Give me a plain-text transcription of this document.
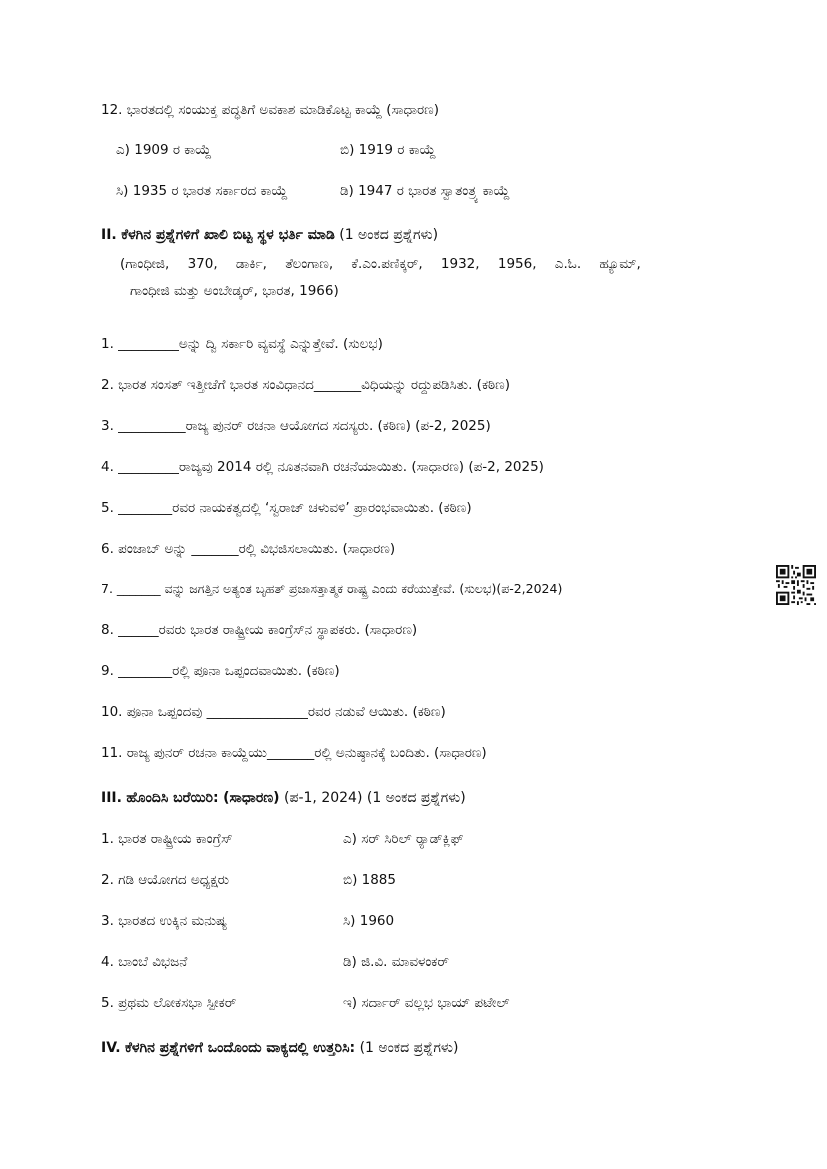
12. ಭಾರತದಲ್ಲಿ ಸಂಯುಕ್ತ ಪದ್ಧತಿಗೆ ಅವಕಾಶ ಮಾಡಿಕೊಟ್ಟ ಕಾಯ್ದೆ (ಸಾಧಾರಣ)
ಎ) 1909 ರ ಕಾಯ್ದೆ	ಬಿ) 1919 ರ ಕಾಯ್ದೆ
ಸಿ) 1935 ರ ಭಾರತ ಸರ್ಕಾರದ ಕಾಯ್ದೆ	ಡಿ) 1947 ರ ಭಾರತ ಸ್ವಾತಂತ್ರ್ಯ ಕಾಯ್ದೆ
II. ಕೆಳಗಿನ ಪ್ರಶ್ನೆಗಳಿಗೆ ಖಾಲಿ ಬಿಟ್ಟ ಸ್ಥಳ ಭರ್ತಿ ಮಾಡಿ (1 ಅಂಕದ ಪ್ರಶ್ನೆಗಳು)
(ಗಾಂಧೀಜಿ, 370, ಡಾರ್ಕಿ, ತೆಲಂಗಾಣ, ಕೆ.ಎಂ.ಪಣಿಕ್ಕರ್, 1932, 1956, ಎ.ಓ. ಹ್ಯೂಮ್,
ಗಾಂಧೀಜಿ ಮತ್ತು ಅಂಬೇಡ್ಕರ್, ಭಾರತ, 1966)
1. _________ಅನ್ನು ದ್ವಿ ಸರ್ಕಾರಿ ವ್ಯವಸ್ಥೆ ಎನ್ನುತ್ತೇವೆ. (ಸುಲಭ)
2. ಭಾರತ ಸಂಸತ್ ಇತ್ತೀಚೆಗೆ ಭಾರತ ಸಂವಿಧಾನದ_______ವಿಧಿಯನ್ನು ರದ್ದುಪಡಿಸಿತು. (ಕಠಿಣ)
3. __________ರಾಜ್ಯ ಪುನರ್ ರಚನಾ ಆಯೋಗದ ಸದಸ್ಯರು. (ಕಠಿಣ) (ಪ-2, 2025)
4. _________ರಾಜ್ಯವು 2014 ರಲ್ಲಿ ನೂತನವಾಗಿ ರಚನೆಯಾಯಿತು. (ಸಾಧಾರಣ) (ಪ-2, 2025)
5. ________ರವರ ನಾಯಕತ್ವದಲ್ಲಿ ‘ಸ್ವರಾಜ್ ಚಳುವಳಿ’ ಪ್ರಾರಂಭವಾಯಿತು. (ಕಠಿಣ)
6. ಪಂಜಾಬ್ ಅನ್ನು _______ರಲ್ಲಿ ವಿಭಜಿಸಲಾಯಿತು. (ಸಾಧಾರಣ)
7. _______ ವನ್ನು ಜಗತ್ತಿನ ಅತ್ಯಂತ ಬೃಹತ್ ಪ್ರಜಾಸತ್ತಾತ್ಮಕ ರಾಷ್ಟ್ರ ಎಂದು ಕರೆಯುತ್ತೇವೆ. (ಸುಲಭ)(ಪ-2,2024)
8. ______ರವರು ಭಾರತ ರಾಷ್ಟ್ರೀಯ ಕಾಂಗ್ರೆಸ್‌ನ ಸ್ಥಾಪಕರು. (ಸಾಧಾರಣ)
9. ________ರಲ್ಲಿ ಪೂನಾ ಒಪ್ಪಂದವಾಯಿತು. (ಕಠಿಣ)
10. ಪೂನಾ ಒಪ್ಪಂದವು _______________ರವರ ನಡುವೆ ಆಯಿತು. (ಕಠಿಣ)
11. ರಾಜ್ಯ ಪುನರ್ ರಚನಾ ಕಾಯ್ದೆಯು_______ರಲ್ಲಿ ಅನುಷ್ಠಾನಕ್ಕೆ ಬಂದಿತು. (ಸಾಧಾರಣ)
III. ಹೊಂದಿಸಿ ಬರೆಯಿರಿ: (ಸಾಧಾರಣ) (ಪ-1, 2024) (1 ಅಂಕದ ಪ್ರಶ್ನೆಗಳು)
1. ಭಾರತ ರಾಷ್ಟ್ರೀಯ ಕಾಂಗ್ರೆಸ್	ಎ) ಸರ್ ಸಿರಿಲ್ ರ್‍ಯಾಡ್‌ಕ್ಲಿಫ್
2. ಗಡಿ ಆಯೋಗದ ಅಧ್ಯಕ್ಷರು	ಬಿ) 1885
3. ಭಾರತದ ಉಕ್ಕಿನ ಮನುಷ್ಯ	ಸಿ) 1960
4. ಬಾಂಬೆ ವಿಭಜನೆ	ಡಿ) ಜಿ.ವಿ. ಮಾವಳಂಕರ್
5. ಪ್ರಥಮ ಲೋಕಸಭಾ ಸ್ಪೀಕರ್	ಇ) ಸರ್ದಾರ್ ವಲ್ಲಭ ಭಾಯ್ ಪಟೇಲ್
IV. ಕೆಳಗಿನ ಪ್ರಶ್ನೆಗಳಿಗೆ ಒಂದೊಂದು ವಾಕ್ಯದಲ್ಲಿ ಉತ್ತರಿಸಿ: (1 ಅಂಕದ ಪ್ರಶ್ನೆಗಳು)
